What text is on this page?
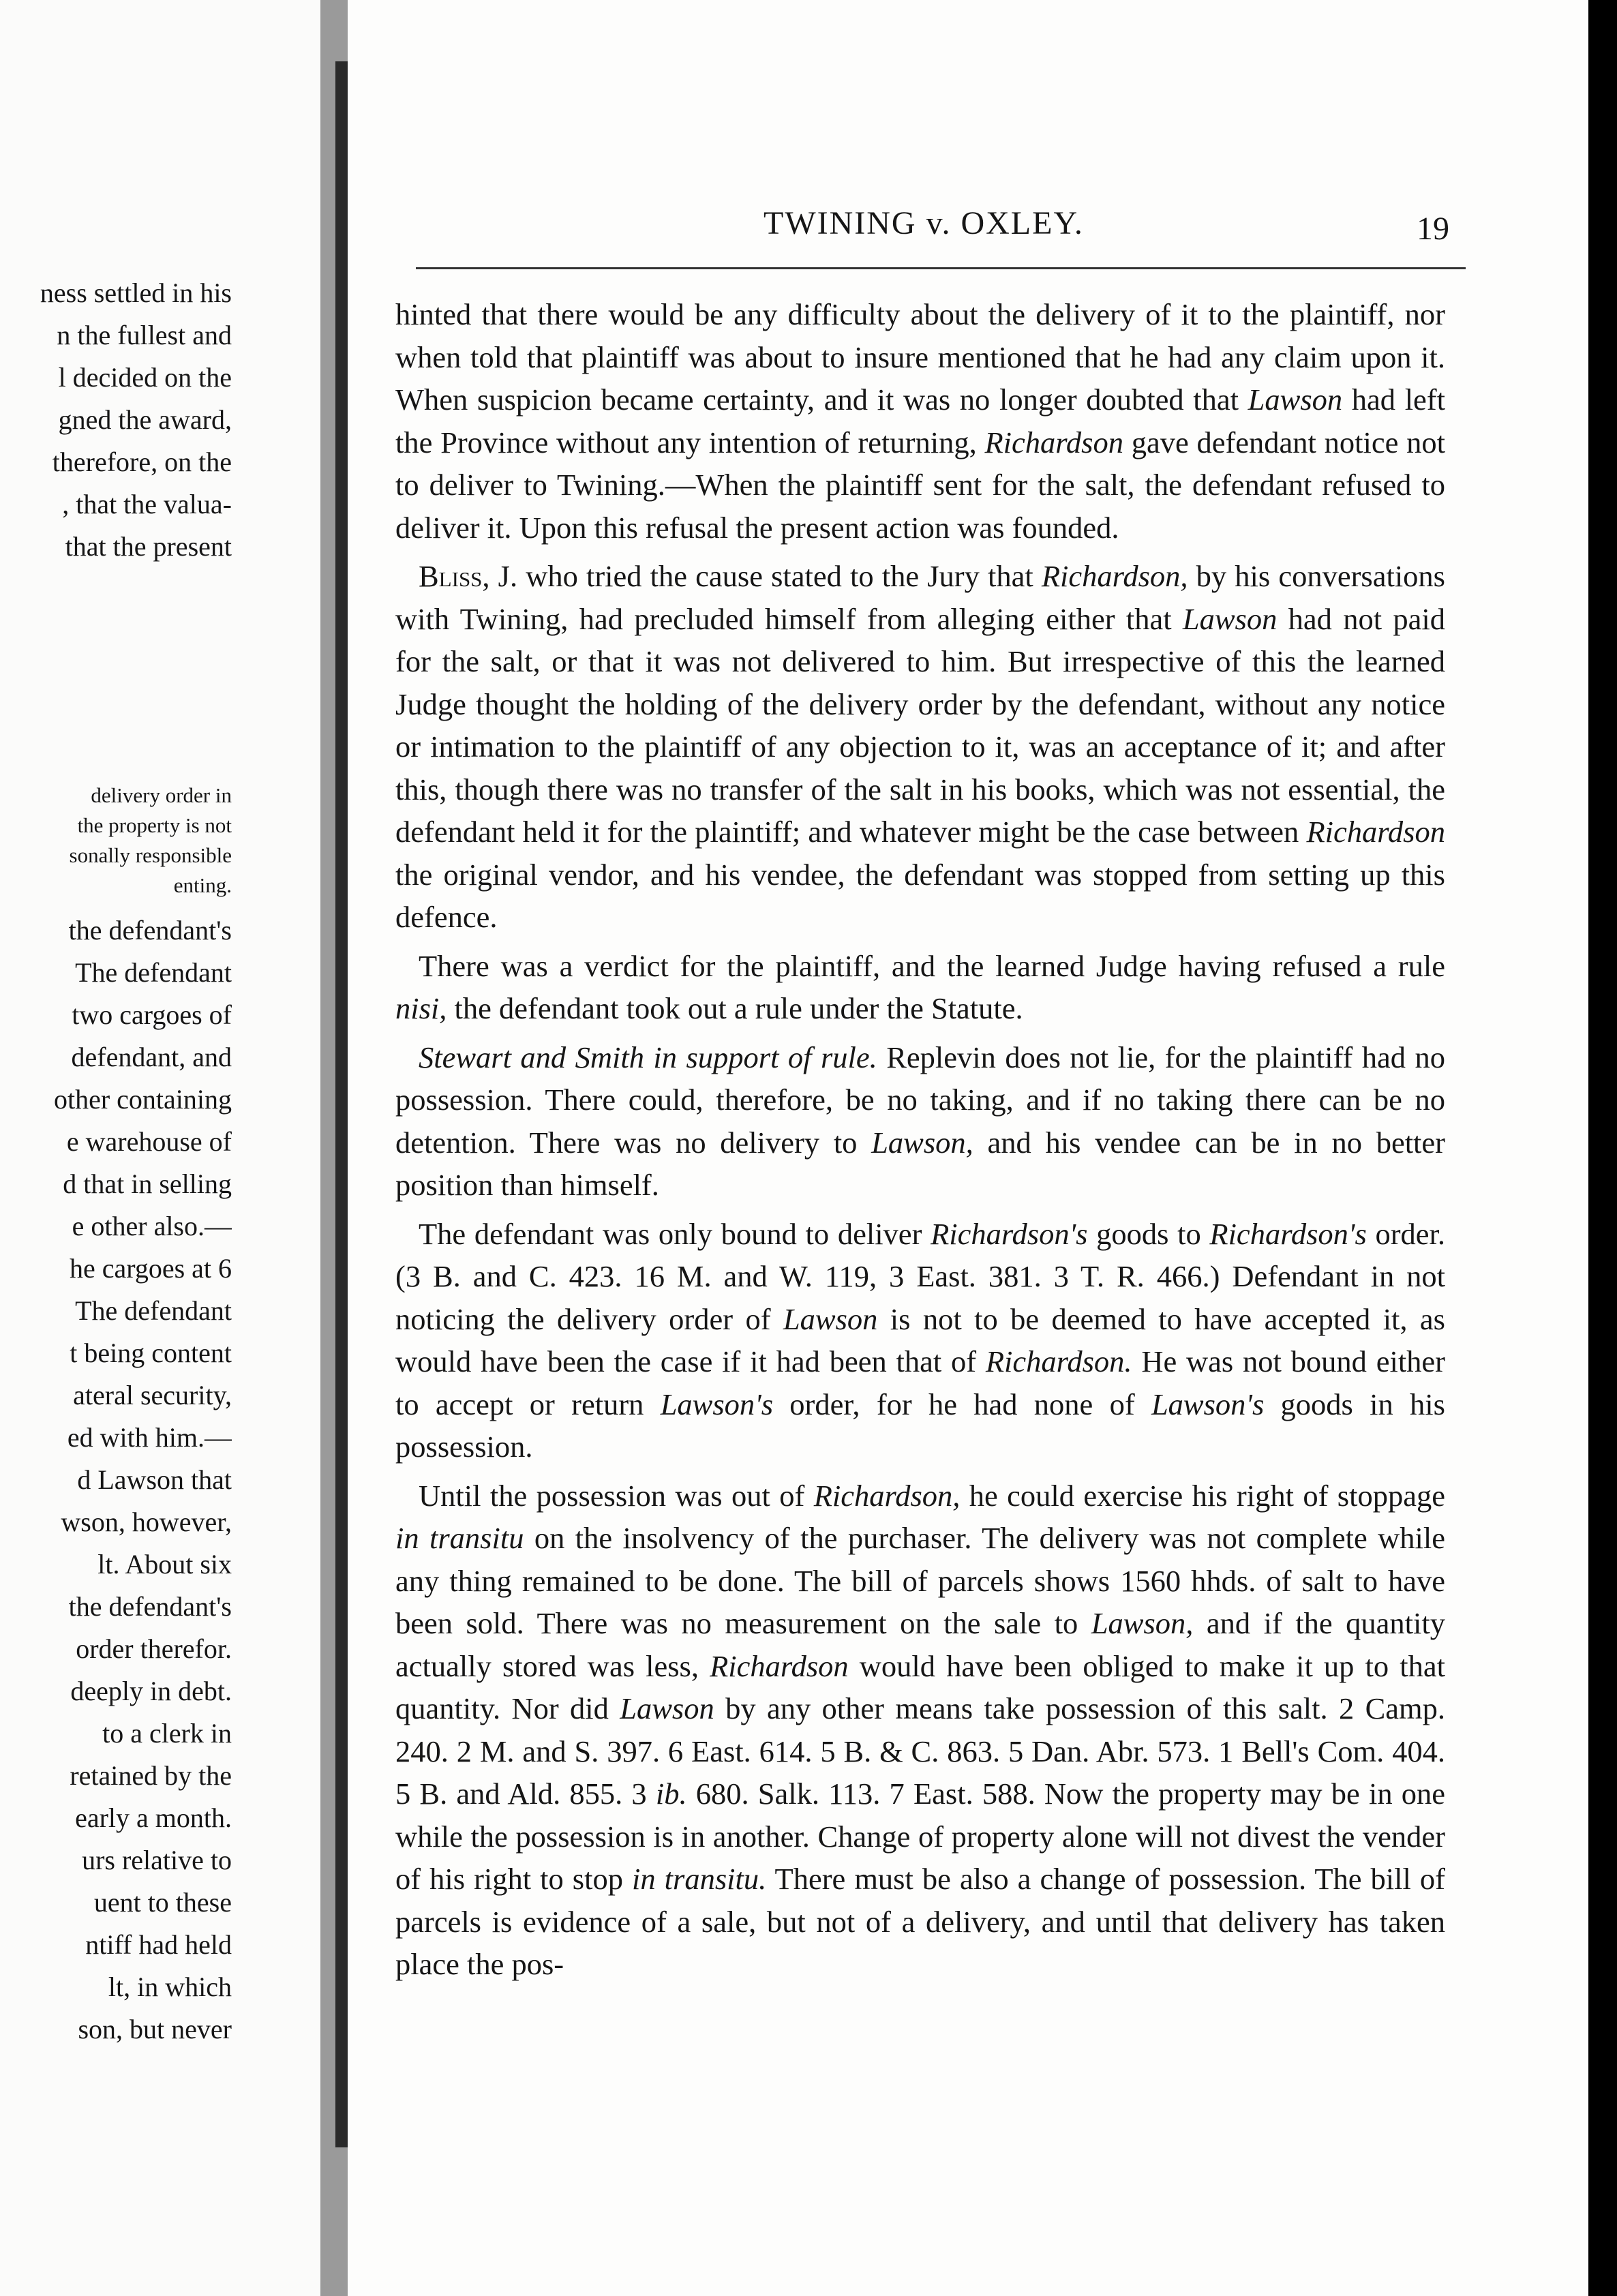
ness settled in his
n the fullest and
l decided on the
gned the award,
therefore, on the
, that the valua-
that the present
delivery order in
the property is not
sonally responsible
enting.
the defendant's
The defendant
two cargoes of
defendant, and
other containing
e warehouse of
d that in selling
e other also.—
he cargoes at 6
The defendant
t being content
ateral security,
ed with him.—
d Lawson that
wson, however,
lt. About six
the defendant's
order therefor.
deeply in debt.
to a clerk in
retained by the
early a month.
urs relative to
uent to these
ntiff had held
lt, in which
son, but never
TWINING v. OXLEY.	19

hinted that there would be any difficulty about the delivery of it to the plaintiff, nor when told that plaintiff was about to insure mentioned that he had any claim upon it. When suspicion became certainty, and it was no longer doubted that Lawson had left the Province without any intention of returning, Richardson gave defendant notice not to deliver to Twining.—When the plaintiff sent for the salt, the defendant refused to deliver it. Upon this refusal the present action was founded.

Bliss, J. who tried the cause stated to the Jury that Richardson, by his conversations with Twining, had precluded himself from alleging either that Lawson had not paid for the salt, or that it was not delivered to him. But irrespective of this the learned Judge thought the holding of the delivery order by the defendant, without any notice or intimation to the plaintiff of any objection to it, was an acceptance of it; and after this, though there was no transfer of the salt in his books, which was not essential, the defendant held it for the plaintiff; and whatever might be the case between Richardson the original vendor, and his vendee, the defendant was stopped from setting up this defence.

There was a verdict for the plaintiff, and the learned Judge having refused a rule nisi, the defendant took out a rule under the Statute.

Stewart and Smith in support of rule. Replevin does not lie, for the plaintiff had no possession. There could, therefore, be no taking, and if no taking there can be no detention. There was no delivery to Lawson, and his vendee can be in no better position than himself.

The defendant was only bound to deliver Richardson's goods to Richardson's order. (3 B. and C. 423. 16 M. and W. 119, 3 East. 381. 3 T. R. 466.) Defendant in not noticing the delivery order of Lawson is not to be deemed to have accepted it, as would have been the case if it had been that of Richardson. He was not bound either to accept or return Lawson's order, for he had none of Lawson's goods in his possession.

Until the possession was out of Richardson, he could exercise his right of stoppage in transitu on the insolvency of the purchaser. The delivery was not complete while any thing remained to be done. The bill of parcels shows 1560 hhds. of salt to have been sold. There was no measurement on the sale to Lawson, and if the quantity actually stored was less, Richardson would have been obliged to make it up to that quantity. Nor did Lawson by any other means take possession of this salt. 2 Camp. 240. 2 M. and S. 397. 6 East. 614. 5 B. & C. 863. 5 Dan. Abr. 573. 1 Bell's Com. 404. 5 B. and Ald. 855. 3 ib. 680. Salk. 113. 7 East. 588. Now the property may be in one while the possession is in another. Change of property alone will not divest the vender of his right to stop in transitu. There must be also a change of possession. The bill of parcels is evidence of a sale, but not of a delivery, and until that delivery has taken place the pos-
